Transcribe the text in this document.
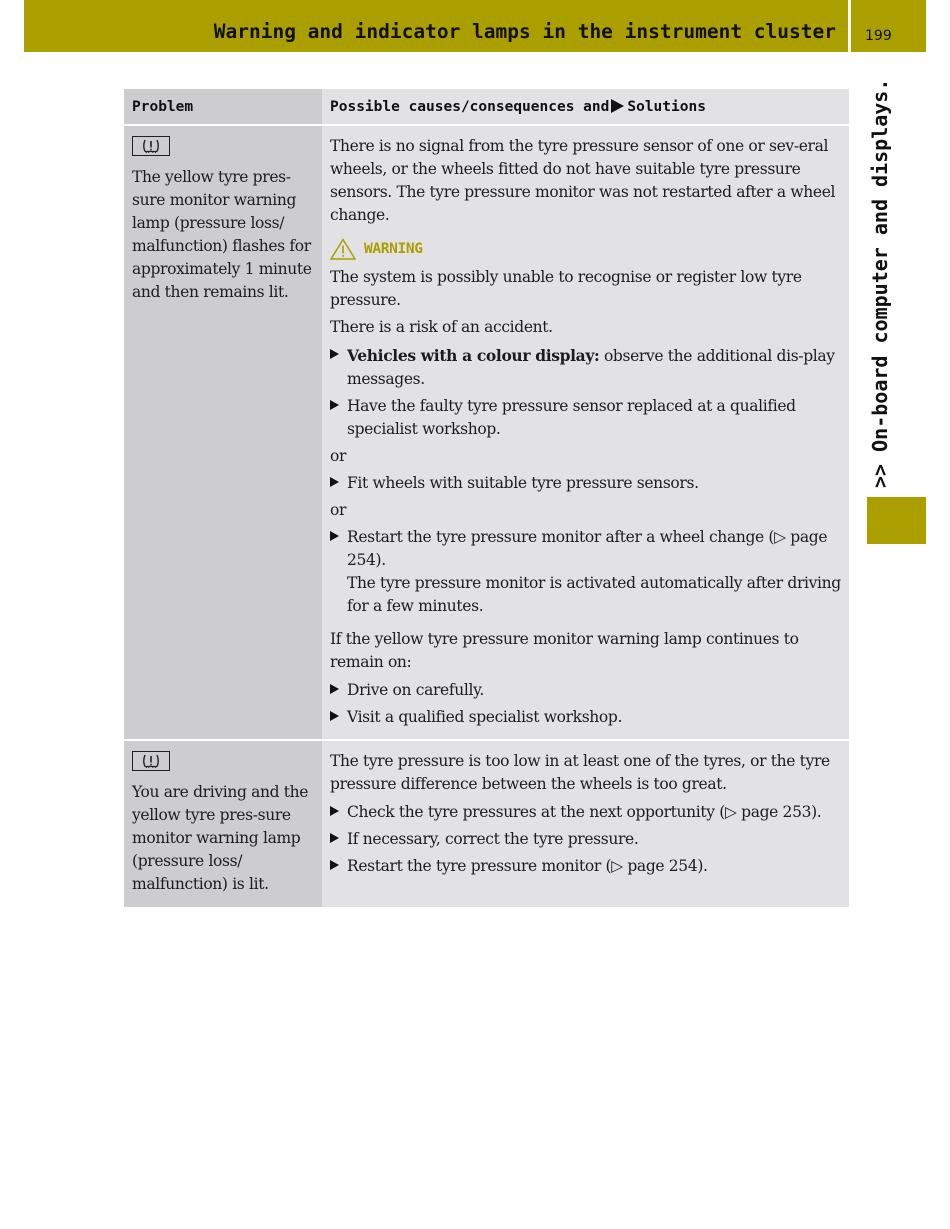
Warning and indicator lamps in the instrument cluster 199
>> On-board computer and displays.
Problem	Possible causes/consequences and Solutions
The yellow tyre pres-sure monitor warning lamp (pressure loss/ malfunction) flashes for approximately 1 minute and then remains lit.
There is no signal from the tyre pressure sensor of one or sev-eral wheels, or the wheels fitted do not have suitable tyre pressure sensors. The tyre pressure monitor was not restarted after a wheel change.
WARNING
The system is possibly unable to recognise or register low tyre pressure.
There is a risk of an accident.
Vehicles with a colour display: observe the additional dis-play messages.
Have the faulty tyre pressure sensor replaced at a qualified specialist workshop.
or
Fit wheels with suitable tyre pressure sensors.
or
Restart the tyre pressure monitor after a wheel change (▷ page 254).
The tyre pressure monitor is activated automatically after driving for a few minutes.
If the yellow tyre pressure monitor warning lamp continues to remain on:
Drive on carefully.
Visit a qualified specialist workshop.
You are driving and the yellow tyre pres-sure monitor warning lamp (pressure loss/ malfunction) is lit.
The tyre pressure is too low in at least one of the tyres, or the tyre pressure difference between the wheels is too great.
Check the tyre pressures at the next opportunity (▷ page 253).
If necessary, correct the tyre pressure.
Restart the tyre pressure monitor (▷ page 254).
